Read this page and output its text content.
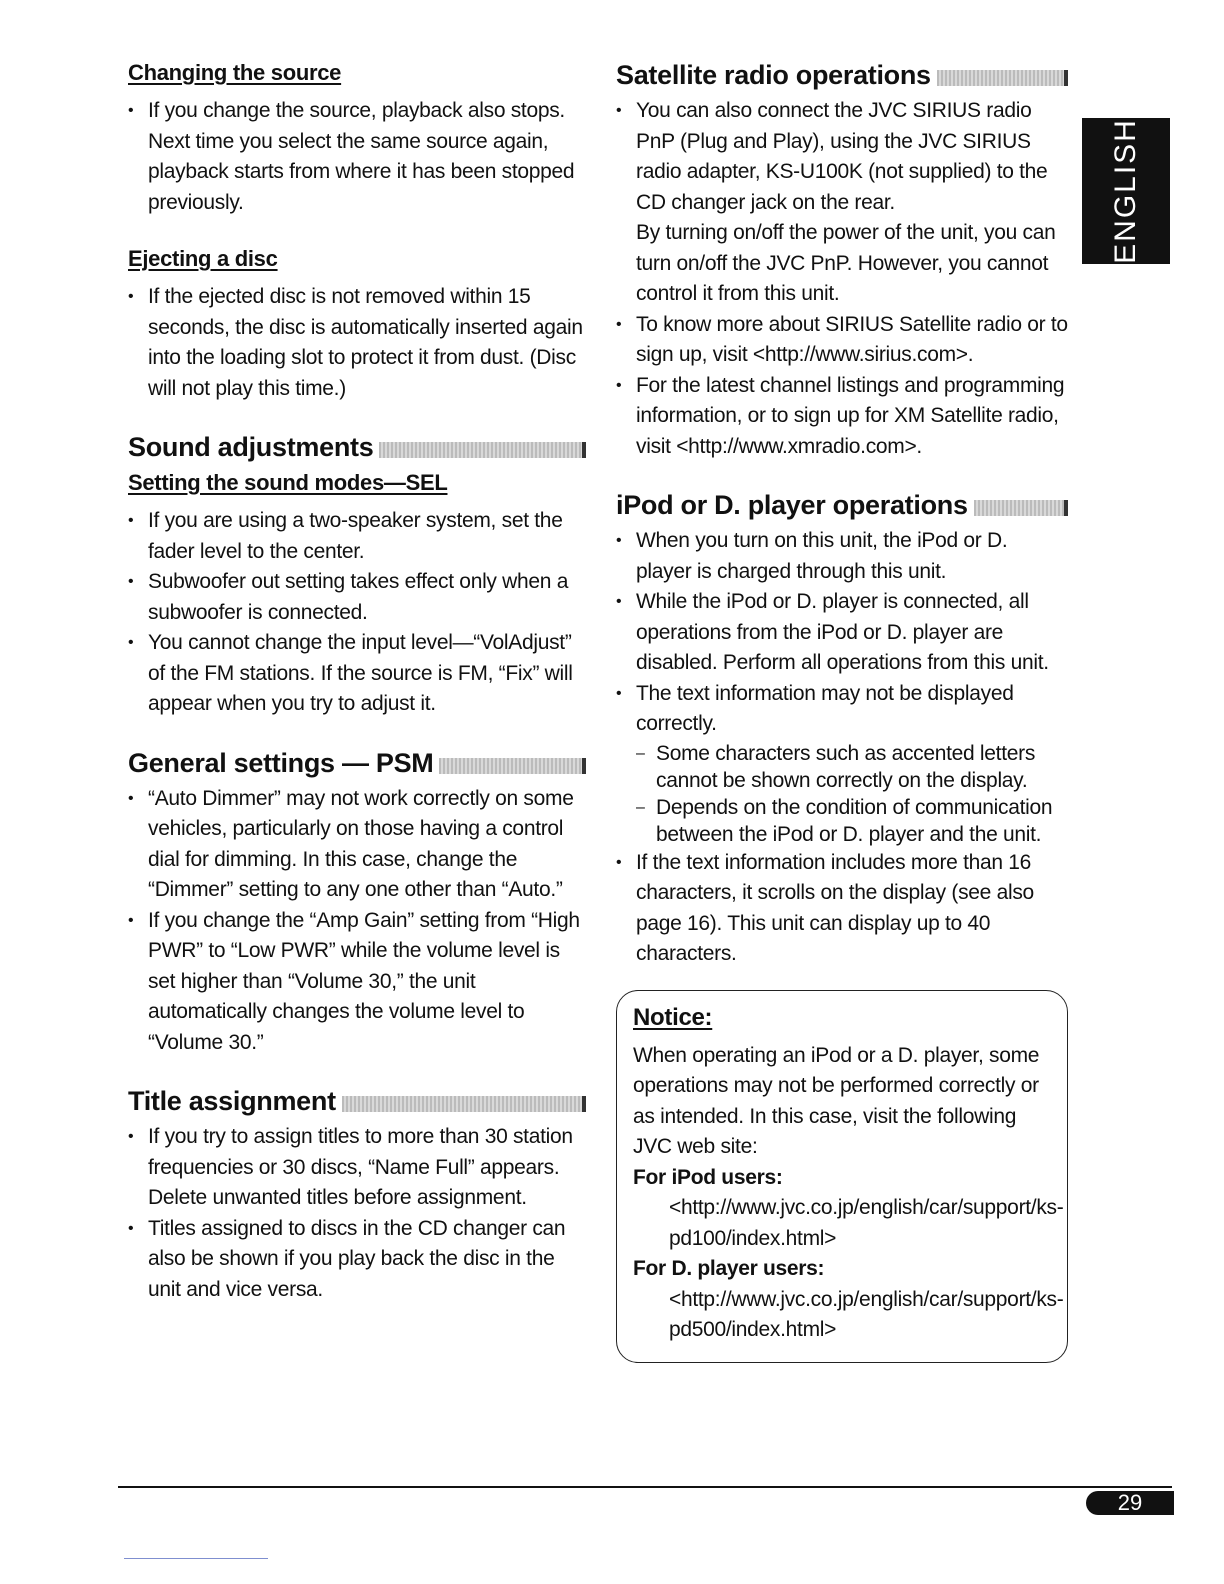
Changing the source
• If you change the source, playback also stops. Next time you select the same source again, playback starts from where it has been stopped previously.
Ejecting a disc
• If the ejected disc is not removed within 15 seconds, the disc is automatically inserted again into the loading slot to protect it from dust. (Disc will not play this time.)
Sound adjustments
Setting the sound modes—SEL
• If you are using a two-speaker system, set the fader level to the center.
• Subwoofer out setting takes effect only when a subwoofer is connected.
• You cannot change the input level—“VolAdjust” of the FM stations. If the source is FM, “Fix” will appear when you try to adjust it.
General settings — PSM
• “Auto Dimmer” may not work correctly on some vehicles, particularly on those having a control dial for dimming. In this case, change the “Dimmer” setting to any one other than “Auto.”
• If you change the “Amp Gain” setting from “High PWR” to “Low PWR” while the volume level is set higher than “Volume 30,” the unit automatically changes the volume level to “Volume 30.”
Title assignment
• If you try to assign titles to more than 30 station frequencies or 30 discs, “Name Full” appears. Delete unwanted titles before assignment.
• Titles assigned to discs in the CD changer can also be shown if you play back the disc in the unit and vice versa.
Satellite radio operations
• You can also connect the JVC SIRIUS radio PnP (Plug and Play), using the JVC SIRIUS radio adapter, KS-U100K (not supplied) to the CD changer jack on the rear.
By turning on/off the power of the unit, you can turn on/off the JVC PnP. However, you cannot control it from this unit.
• To know more about SIRIUS Satellite radio or to sign up, visit <http://www.sirius.com>.
• For the latest channel listings and programming information, or to sign up for XM Satellite radio, visit <http://www.xmradio.com>.
iPod or D. player operations
• When you turn on this unit, the iPod or D. player is charged through this unit.
• While the iPod or D. player is connected, all operations from the iPod or D. player are disabled. Perform all operations from this unit.
• The text information may not be displayed correctly.
– Some characters such as accented letters cannot be shown correctly on the display.
– Depends on the condition of communication between the iPod or D. player and the unit.
• If the text information includes more than 16 characters, it scrolls on the display (see also page 16). This unit can display up to 40 characters.
Notice:
When operating an iPod or a D. player, some operations may not be performed correctly or as intended. In this case, visit the following JVC web site:
For iPod users: <http://www.jvc.co.jp/english/car/support/ks-pd100/index.html>
For D. player users: <http://www.jvc.co.jp/english/car/support/ks-pd500/index.html>
ENGLISH
29
